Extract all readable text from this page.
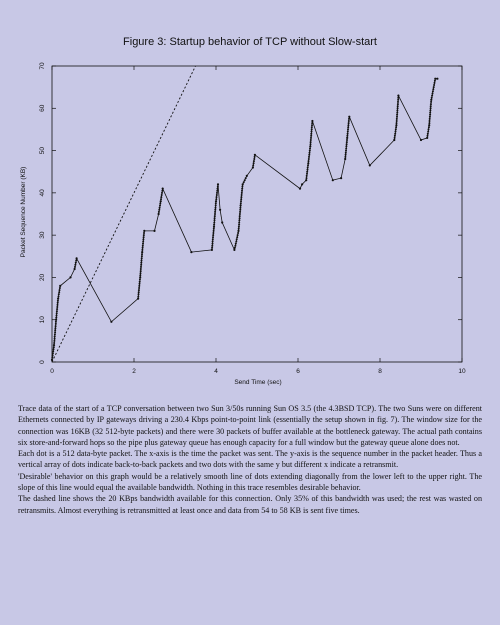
Figure 3: Startup behavior of TCP without Slow-start
0	2	4	6	8	10
0
10
20
30
40
50
60
70
Send Time (sec)
Packet Sequence Number (KB)

Trace data of the start of a TCP conversation between two Sun 3/50s running Sun OS 3.5 (the 4.3BSD TCP). The two Suns were on different Ethernets connected by IP gateways driving a 230.4 Kbps point-to-point link (essentially the setup shown in fig. 7). The window size for the connection was 16KB (32 512-byte packets) and there were 30 packets of buffer available at the bottleneck gateway. The actual path contains six store-and-forward hops so the pipe plus gateway queue has enough capacity for a full window but the gateway queue alone does not.

Each dot is a 512 data-byte packet. The x-axis is the time the packet was sent. The y-axis is the sequence number in the packet header. Thus a vertical array of dots indicate back-to-back packets and two dots with the same y but different x indicate a retransmit.

'Desirable' behavior on this graph would be a relatively smooth line of dots extending diagonally from the lower left to the upper right. The slope of this line would equal the available bandwidth. Nothing in this trace resembles desirable behavior.

The dashed line shows the 20 KBps bandwidth available for this connection. Only 35% of this bandwidth was used; the rest was wasted on retransmits. Almost everything is retransmitted at least once and data from 54 to 58 KB is sent five times.
